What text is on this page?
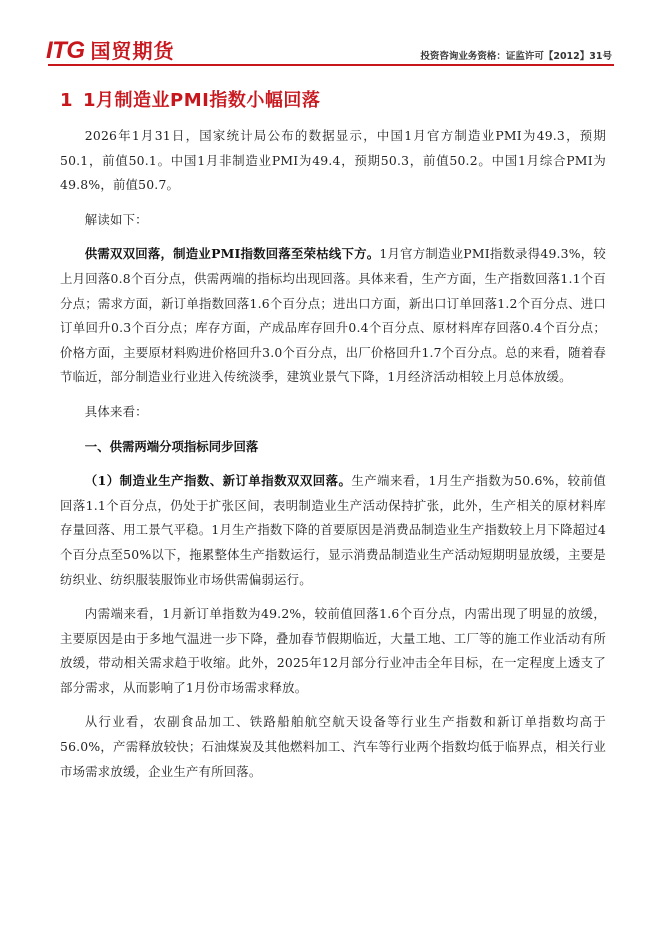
ITG 国贸期货	投资咨询业务资格：证监许可【2012】31号
1 1月制造业PMI指数小幅回落

2026年1月31日，国家统计局公布的数据显示，中国1月官方制造业PMI为49.3，预期50.1，前值50.1。中国1月非制造业PMI为49.4，预期50.3，前值50.2。中国1月综合PMI为49.8%，前值50.7。

解读如下：

供需双双回落，制造业PMI指数回落至荣枯线下方。1月官方制造业PMI指数录得49.3%，较上月回落0.8个百分点，供需两端的指标均出现回落。具体来看，生产方面，生产指数回落1.1个百分点；需求方面，新订单指数回落1.6个百分点；进出口方面，新出口订单回落1.2个百分点、进口订单回升0.3个百分点；库存方面，产成品库存回升0.4个百分点、原材料库存回落0.4个百分点；价格方面，主要原材料购进价格回升3.0个百分点，出厂价格回升1.7个百分点。总的来看，随着春节临近，部分制造业行业进入传统淡季，建筑业景气下降，1月经济活动相较上月总体放缓。

具体来看：

一、供需两端分项指标同步回落

（1）制造业生产指数、新订单指数双双回落。生产端来看，1月生产指数为50.6%，较前值回落1.1个百分点，仍处于扩张区间，表明制造业生产活动保持扩张，此外，生产相关的原材料库存量回落、用工景气平稳。1月生产指数下降的首要原因是消费品制造业生产指数较上月下降超过4个百分点至50%以下，拖累整体生产指数运行，显示消费品制造业生产活动短期明显放缓，主要是纺织业、纺织服装服饰业市场供需偏弱运行。

内需端来看，1月新订单指数为49.2%，较前值回落1.6个百分点，内需出现了明显的放缓，主要原因是由于多地气温进一步下降，叠加春节假期临近，大量工地、工厂等的施工作业活动有所放缓，带动相关需求趋于收缩。此外，2025年12月部分行业冲击全年目标，在一定程度上透支了部分需求，从而影响了1月份市场需求释放。

从行业看，农副食品加工、铁路船舶航空航天设备等行业生产指数和新订单指数均高于56.0%，产需释放较快；石油煤炭及其他燃料加工、汽车等行业两个指数均低于临界点，相关行业市场需求放缓，企业生产有所回落。
